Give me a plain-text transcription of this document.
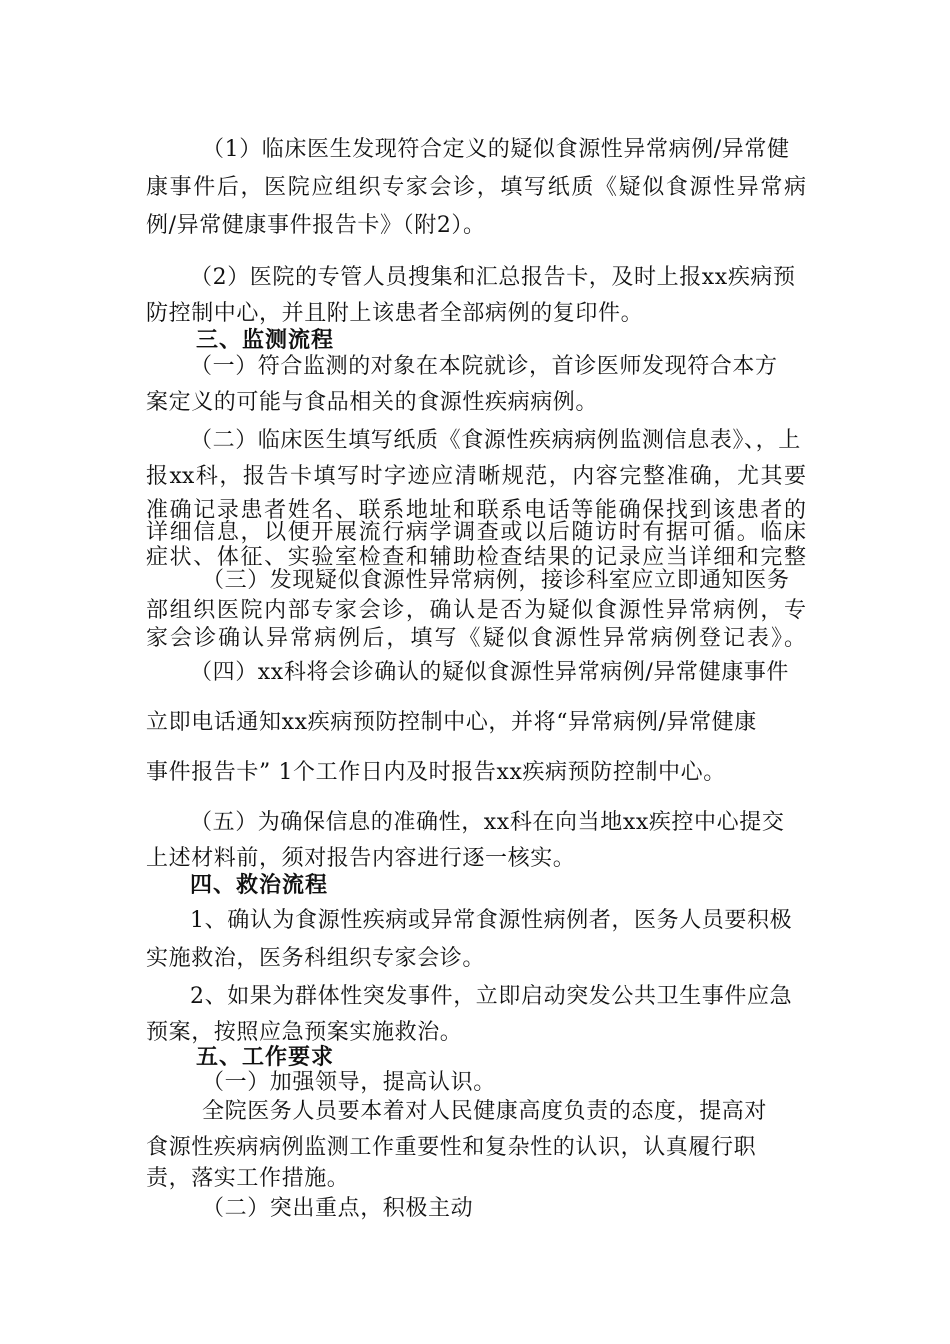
（1）临床医生发现符合定义的疑似食源性异常病例/异常健

康事件后，医院应组织专家会诊，填写纸质《疑似食源性异常病

例/异常健康事件报告卡》（附2）。

（2）医院的专管人员搜集和汇总报告卡，及时上报xx疾病预

防控制中心，并且附上该患者全部病例的复印件。

三、监测流程

（一）符合监测的对象在本院就诊，首诊医师发现符合本方

案定义的可能与食品相关的食源性疾病病例。

（二）临床医生填写纸质《食源性疾病病例监测信息表》、，上

报xx科，报告卡填写时字迹应清晰规范，内容完整准确，尤其要

准确记录患者姓名、联系地址和联系电话等能确保找到该患者的

详细信息，以便开展流行病学调查或以后随访时有据可循。临床

症状、体征、实验室检查和辅助检查结果的记录应当详细和完整

（三）发现疑似食源性异常病例，接诊科室应立即通知医务

部组织医院内部专家会诊，确认是否为疑似食源性异常病例，专

家会诊确认异常病例后，填写《疑似食源性异常病例登记表》。

（四）xx科将会诊确认的疑似食源性异常病例/异常健康事件

立即电话通知xx疾病预防控制中心，并将“异常病例/异常健康

事件报告卡” 1个工作日内及时报告xx疾病预防控制中心。

（五）为确保信息的准确性，xx科在向当地xx疾控中心提交

上述材料前，须对报告内容进行逐一核实。

四、救治流程

1、确认为食源性疾病或异常食源性病例者，医务人员要积极

实施救治，医务科组织专家会诊。

2、如果为群体性突发事件，立即启动突发公共卫生事件应急

预案，按照应急预案实施救治。

五、工作要求

（一）加强领导，提高认识。

全院医务人员要本着对人民健康高度负责的态度，提高对

食源性疾病病例监测工作重要性和复杂性的认识，认真履行职

责，落实工作措施。

（二）突出重点，积极主动
